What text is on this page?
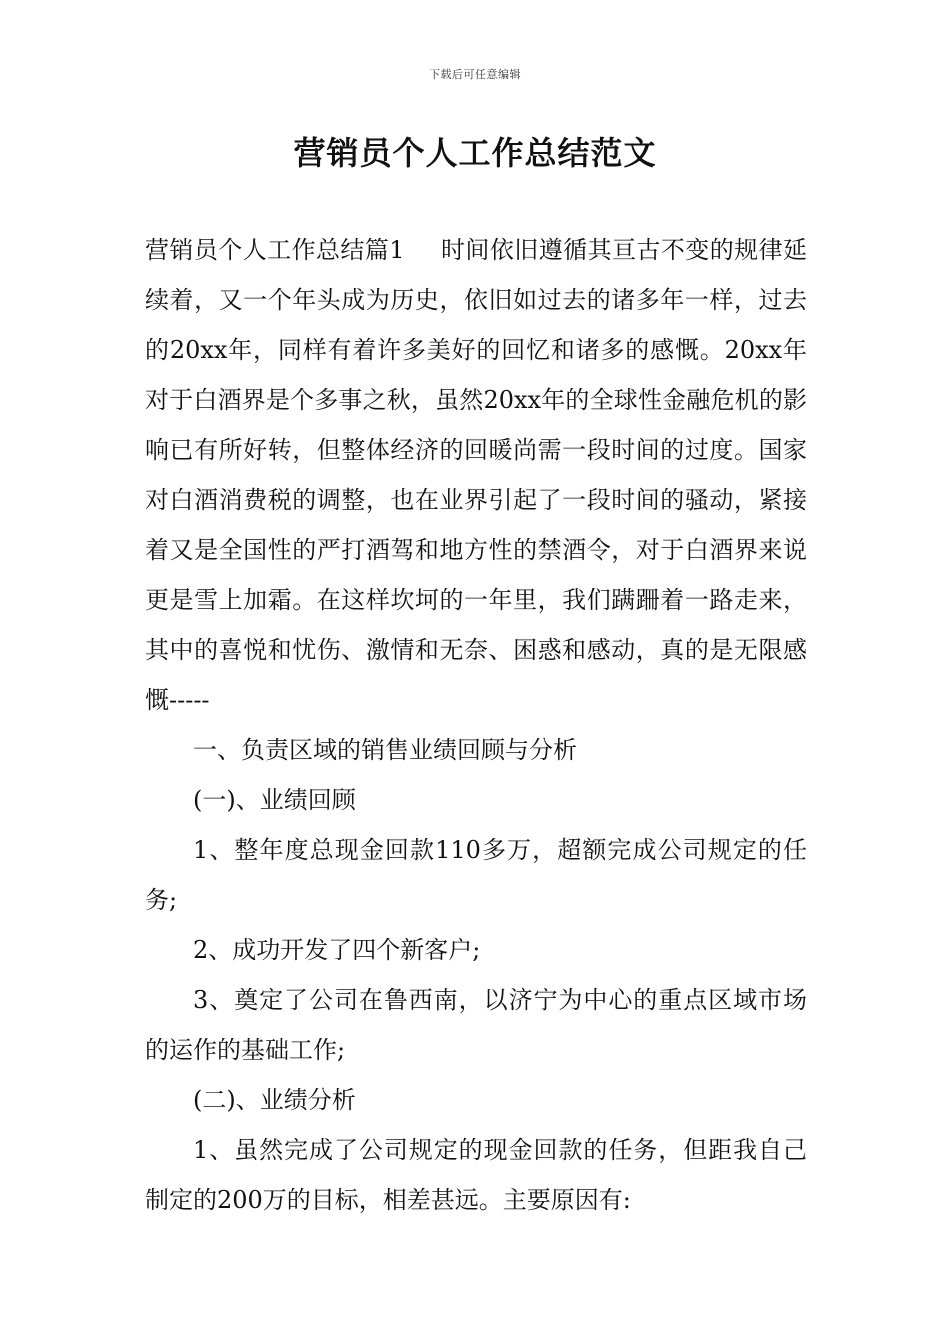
下载后可任意编辑
营销员个人工作总结范文

营销员个人工作总结篇1 时间依旧遵循其亘古不变的规律延续着，又一个年头成为历史，依旧如过去的诸多年一样，过去的20xx年，同样有着许多美好的回忆和诸多的感慨。20xx年对于白酒界是个多事之秋，虽然20xx年的全球性金融危机的影响已有所好转，但整体经济的回暖尚需一段时间的过度。国家对白酒消费税的调整，也在业界引起了一段时间的骚动，紧接着又是全国性的严打酒驾和地方性的禁酒令，对于白酒界来说更是雪上加霜。在这样坎坷的一年里，我们蹒跚着一路走来，其中的喜悦和忧伤、激情和无奈、困惑和感动，真的是无限感慨-----

一、负责区域的销售业绩回顾与分析

(一)、业绩回顾

1、整年度总现金回款110多万，超额完成公司规定的任务;

2、成功开发了四个新客户;

3、奠定了公司在鲁西南，以济宁为中心的重点区域市场的运作的基础工作;

(二)、业绩分析

1、虽然完成了公司规定的现金回款的任务，但距我自己制定的200万的目标，相差甚远。主要原因有:
